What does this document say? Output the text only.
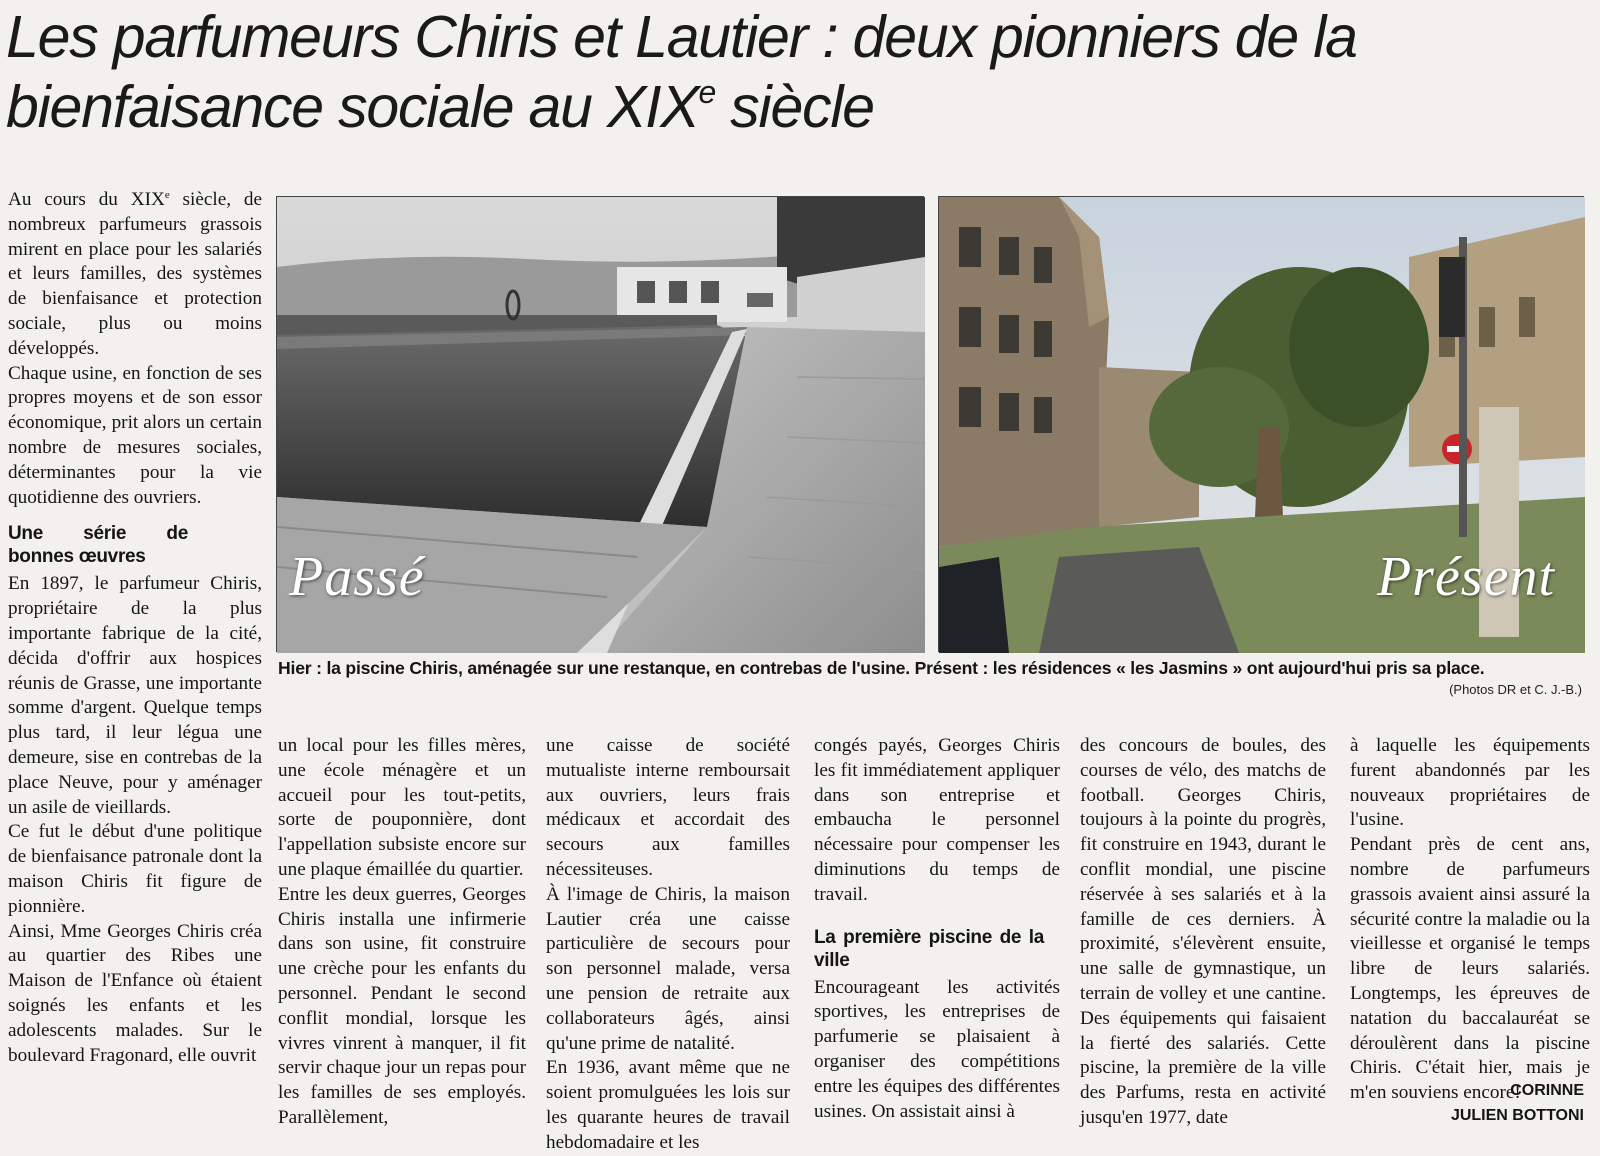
Les parfumeurs Chiris et Lautier : deux pionniers de la
bienfaisance sociale au XIXe siècle

Au cours du XIXe siècle, de nombreux parfumeurs grassois mirent en place pour les salariés et leurs familles, des systèmes de bienfaisance et protection sociale, plus ou moins développés.

Chaque usine, en fonction de ses propres moyens et de son essor économique, prit alors un certain nombre de mesures sociales, déterminantes pour la vie quotidienne des ouvriers.

Une série de bonnes œuvres

En 1897, le parfumeur Chiris, propriétaire de la plus importante fabrique de la cité, décida d'offrir aux hospices réunis de Grasse, une importante somme d'argent. Quelque temps plus tard, il leur légua une demeure, sise en contrebas de la place Neuve, pour y aménager un asile de vieillards.

Ce fut le début d'une politique de bienfaisance patronale dont la maison Chiris fit figure de pionnière.

Ainsi, Mme Georges Chiris créa au quartier des Ribes une Maison de l'Enfance où étaient soignés les enfants et les adolescents malades. Sur le boulevard Fragonard, elle ouvrit

Passé	Présent
Hier : la piscine Chiris, aménagée sur une restanque, en contrebas de l'usine. Présent : les résidences « les Jasmins » ont aujourd'hui pris sa place.
(Photos DR et C. J.-B.)

un local pour les filles mères, une école ménagère et un accueil pour les tout-petits, sorte de pouponnière, dont l'appellation subsiste encore sur une plaque émaillée du quartier.

Entre les deux guerres, Georges Chiris installa une infirmerie dans son usine, fit construire une crèche pour les enfants du personnel. Pendant le second conflit mondial, lorsque les vivres vinrent à manquer, il fit servir chaque jour un repas pour les familles de ses employés. Parallèlement,

une caisse de société mutualiste interne remboursait aux ouvriers, leurs frais médicaux et accordait des secours aux familles nécessiteuses.

À l'image de Chiris, la maison Lautier créa une caisse particulière de secours pour son personnel malade, versa une pension de retraite aux collaborateurs âgés, ainsi qu'une prime de natalité.

En 1936, avant même que ne soient promulguées les lois sur les quarante heures de travail hebdomadaire et les

congés payés, Georges Chiris les fit immédiatement appliquer dans son entreprise et embaucha le personnel nécessaire pour compenser les diminutions du temps de travail.

La première piscine de la ville

Encourageant les activités sportives, les entreprises de parfumerie se plaisaient à organiser des compétitions entre les équipes des différentes usines. On assistait ainsi à

des concours de boules, des courses de vélo, des matchs de football. Georges Chiris, toujours à la pointe du progrès, fit construire en 1943, durant le conflit mondial, une piscine réservée à ses salariés et à la famille de ces derniers. À proximité, s'élevèrent ensuite, une salle de gymnastique, un terrain de volley et une cantine. Des équipements qui faisaient la fierté des salariés. Cette piscine, la première de la ville des Parfums, resta en activité jusqu'en 1977, date

à laquelle les équipements furent abandonnés par les nouveaux propriétaires de l'usine.

Pendant près de cent ans, nombre de parfumeurs grassois avaient ainsi assuré la sécurité contre la maladie ou la vieillesse et organisé le temps libre de leurs salariés. Longtemps, les épreuves de natation du baccalauréat se déroulèrent dans la piscine Chiris. C'était hier, mais je m'en souviens encore!

CORINNE
JULIEN BOTTONI
